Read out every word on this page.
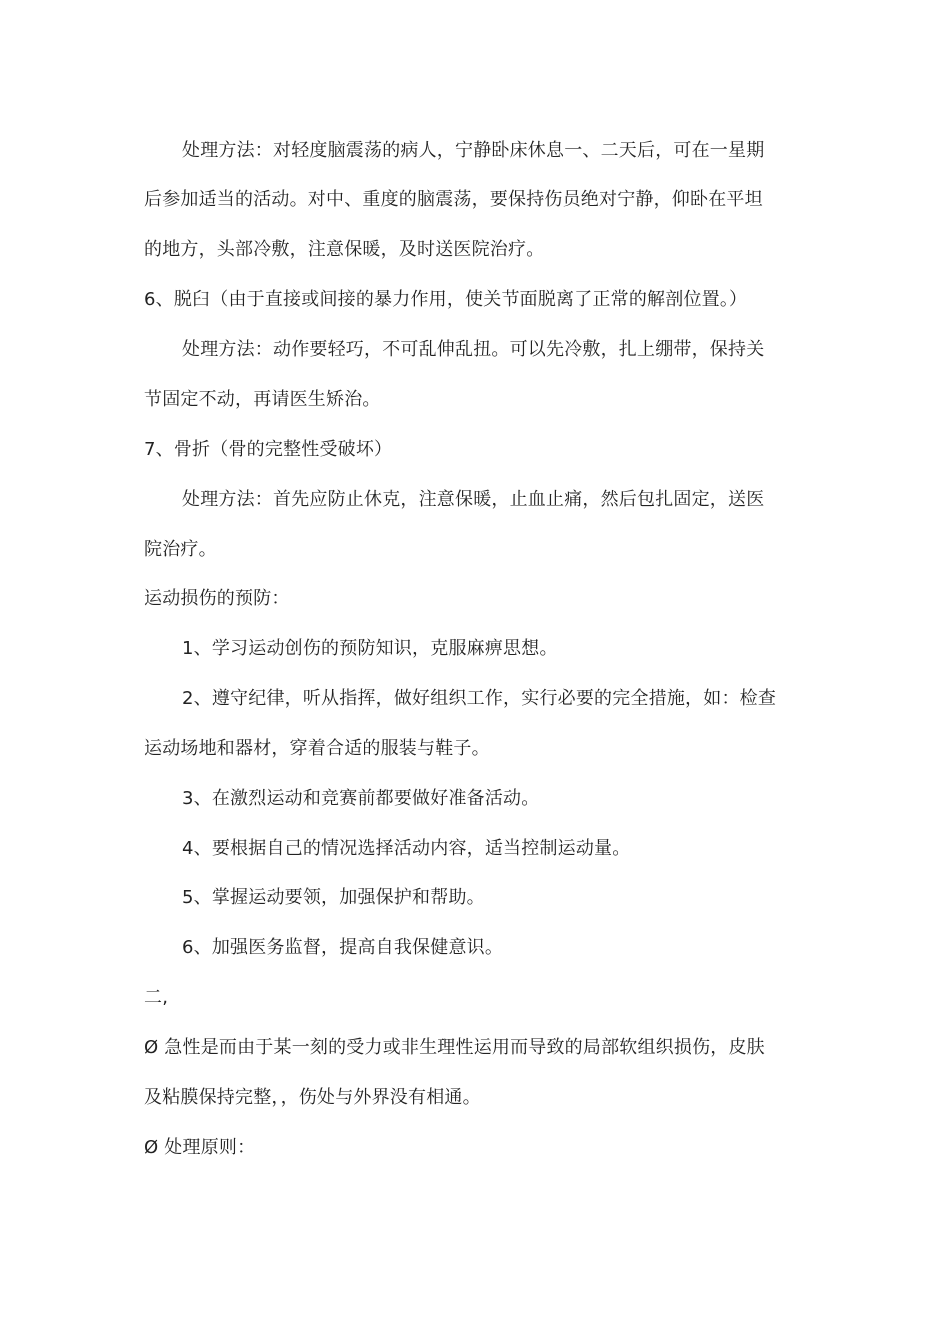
处理方法：对轻度脑震荡的病人，宁静卧床休息一、二天后，可在一星期
后参加适当的活动。对中、重度的脑震荡，要保持伤员绝对宁静，仰卧在平坦
的地方，头部冷敷，注意保暖，及时送医院治疗。
6、脱臼（由于直接或间接的暴力作用，使关节面脱离了正常的解剖位置。）
处理方法：动作要轻巧，不可乱伸乱扭。可以先冷敷，扎上绷带，保持关
节固定不动，再请医生矫治。
7、骨折（骨的完整性受破坏）
处理方法：首先应防止休克，注意保暖，止血止痛，然后包扎固定，送医
院治疗。
运动损伤的预防：
1、学习运动创伤的预防知识，克服麻痹思想。
2、遵守纪律，听从指挥，做好组织工作，实行必要的完全措施，如：检查
运动场地和器材，穿着合适的服装与鞋子。
3、在激烈运动和竞赛前都要做好准备活动。
4、要根据自己的情况选择活动内容，适当控制运动量。
5、掌握运动要领，加强保护和帮助。
6、加强医务监督，提高自我保健意识。
二,
Ø 急性是而由于某一刻的受力或非生理性运用而导致的局部软组织损伤，皮肤
及粘膜保持完整，，伤处与外界没有相通。
Ø 处理原则：
